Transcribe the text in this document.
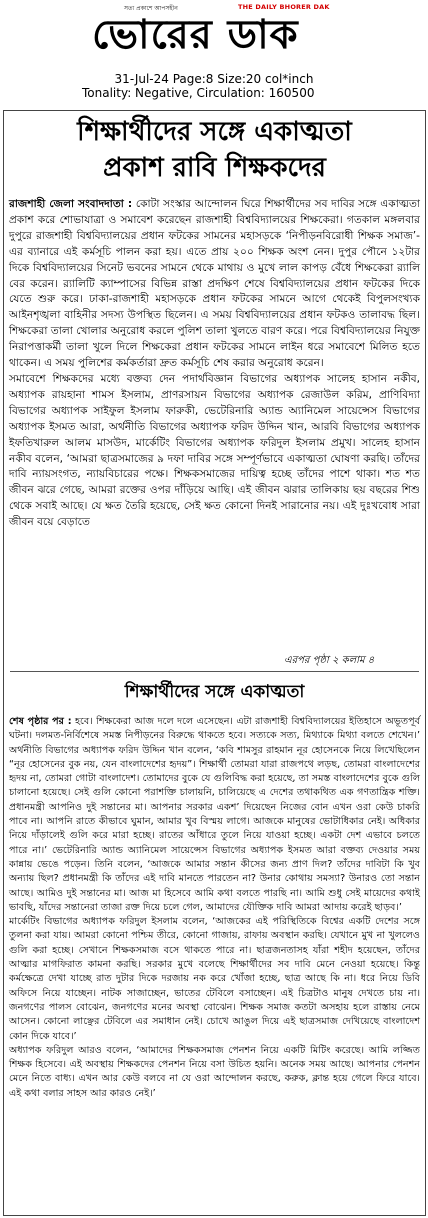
সত্য প্রকাশে আপসহীন	THE DAILY BHORER DAK
ভোরের ডাক
31-Jul-24 Page:8 Size:20 col*inch
Tonality: Negative, Circulation: 160500
শিক্ষার্থীদের সঙ্গে একাত্মতা
প্রকাশ রাবি শিক্ষকদের
রাজশাহী জেলা সংবাদদাতা : কোটা সংস্কার আন্দোলন ঘিরে শিক্ষার্থীদের সব দাবির সঙ্গে একাত্মতা প্রকাশ করে শোভাযাত্রা ও সমাবেশ করেছেন রাজশাহী বিশ্ববিদ্যালয়ের শিক্ষকেরা। গতকাল মঙ্গলবার দুপুরে রাজশাহী বিশ্ববিদ্যালয়ের প্রধান ফটকের সামনের মহাসড়কে ‘নিপীড়নবিরোধী শিক্ষক সমাজ’-এর ব্যানারে এই কর্মসূচি পালন করা হয়। এতে প্রায় ২০০ শিক্ষক অংশ নেন। দুপুর পৌনে ১২টার দিকে বিশ্ববিদ্যালয়ের সিনেট ভবনের সামনে থেকে মাথায় ও মুখে লাল কাপড় বেঁধে শিক্ষকেরা র‍্যালি বের করেন। র‍্যালিটি ক্যাম্পাসের বিভিন্ন রাস্তা প্রদক্ষিণ শেষে বিশ্ববিদ্যালয়ের প্রধান ফটকের দিকে যেতে শুরু করে। ঢাকা-রাজশাহী মহাসড়কে প্রধান ফটকের সামনে আগে থেকেই বিপুলসংখ্যক আইনশৃঙ্খলা বাহিনীর সদস্য উপস্থিত ছিলেন। এ সময় বিশ্ববিদ্যালয়ের প্রধান ফটকও তালাবদ্ধ ছিল। শিক্ষকেরা তালা খোলার অনুরোধ করলে পুলিশ তালা খুলতে বারণ করে। পরে বিশ্ববিদ্যালয়ের নিযুক্ত নিরাপত্তাকর্মী তালা খুলে দিলে শিক্ষকেরা প্রধান ফটকের সামনে লাইন ধরে সমাবেশে মিলিত হতে থাকেন। এ সময় পুলিশের কর্মকর্তারা দ্রুত কর্মসূচি শেষ করার অনুরোধ করেন।
সমাবেশে শিক্ষকদের মধ্যে বক্তব্য দেন পদার্থবিজ্ঞান বিভাগের অধ্যাপক সালেহ হাসান নকীব, অধ্যাপক রায়হানা শামস ইসলাম, প্রাণরসায়ন বিভাগের অধ্যাপক রেজাউল করিম, প্রাণিবিদ্যা বিভাগের অধ্যাপক সাইফুল ইসলাম ফারুকী, ভেটেরিনারি অ্যান্ড অ্যানিমেল সায়েন্সেস বিভাগের অধ্যাপক ইসমত আরা, অর্থনীতি বিভাগের অধ্যাপক ফরিদ উদ্দিন খান, আরবি বিভাগের অধ্যাপক ইফতিখারুল আলম মাসউদ, মার্কেটিং বিভাগের অধ্যাপক ফরিদুল ইসলাম প্রমুখ। সালেহ হাসান নকীব বলেন, ‘আমরা ছাত্রসমাজের ৯ দফা দাবির সঙ্গে সম্পূর্ণভাবে একাত্মতা ঘোষণা করছি। তাঁদের দাবি ন্যায়সংগত, ন্যায়বিচারের পক্ষে। শিক্ষকসমাজের দায়িত্ব হচ্ছে তাঁদের পাশে থাকা। শত শত জীবন ঝরে গেছে, আমরা রক্তের ওপর দাঁড়িয়ে আছি। এই জীবন ঝরার তালিকায় ছয় বছরের শিশু থেকে সবাই আছে। যে ক্ষত তৈরি হয়েছে, সেই ক্ষত কোনো দিনই সারানোর নয়। এই দুঃখবোধ সারা জীবন বয়ে বেড়াতে
এরপর পৃষ্ঠা ২ কলাম ৪
শিক্ষার্থীদের সঙ্গে একাত্মতা
শেষ পৃষ্ঠার পর : হবে। শিক্ষকেরা আজ দলে দলে এসেছেন। এটা রাজশাহী বিশ্ববিদ্যালয়ের ইতিহাসে অভূতপূর্ব ঘটনা। দলমত-নির্বিশেষে সমস্ত নিপীড়নের বিরুদ্ধে থাকতে হবে। সত্যকে সত্য, মিথ্যাকে মিথ্যা বলতে শেখেন।’ অর্থনীতি বিভাগের অধ্যাপক ফরিদ উদ্দিন খান বলেন, ‘কবি শামসুর রাহমান নূর হোসেনকে নিয়ে লিখেছিলেন “নূর হোসেনের বুক নয়, যেন বাংলাদেশের হৃদয়”। শিক্ষার্থী তোমরা যারা রাজপথে লড়ছ, তোমরা বাংলাদেশের হৃদয় না, তোমরা গোটা বাংলাদেশ। তোমাদের বুকে যে গুলিবিদ্ধ করা হয়েছে, তা সমস্ত বাংলাদেশের বুকে গুলি চালানো হয়েছে। সেই গুলি কোনো পরাশক্তি চালায়নি, চালিয়েছে এ দেশের তথাকথিত এক গণতান্ত্রিক শক্তি। প্রধানমন্ত্রী আপনিও দুই সন্তানের মা। আপনার সরকার একশ’ দিয়েছেন নিজের বোন এখন ওরা কেউ চাকরি পাবে না। আপনি রাতে কীভাবে ঘুমান, আমার খুব বিস্ময় লাগে। আজকে মানুষের ভোটাধিকার নেই। অধিকার নিয়ে দাঁড়ালেই গুলি করে মারা হচ্ছে। রাতের আঁধারে তুলে নিয়ে যাওয়া হচ্ছে। একটা দেশ এভাবে চলতে পারে না।’ ভেটেরিনারি অ্যান্ড অ্যানিমেল সায়েন্সেস বিভাগের অধ্যাপক ইসমত আরা বক্তব্য দেওয়ার সময় কান্নায় ভেঙে পড়েন। তিনি বলেন, ‘আজকে আমার সন্তান কীসের জন্য প্রাণ দিল? তাঁদের দাবিটা কি খুব অন্যায় ছিল? প্রধানমন্ত্রী কি তাঁদের এই দাবি মানতে পারতেন না? উনার কোথায় সমস্যা? উনারও তো সন্তান আছে। আমিও দুই সন্তানের মা। আজ মা হিসেবে আমি কথা বলতে পারছি না। আমি শুধু সেই মায়েদের কথাই ভাবছি, যাঁদের সন্তানেরা তাজা রক্ত দিয়ে চলে গেল, আমাদের যৌক্তিক দাবি আমরা আদায় করেই ছাড়ব।’
মার্কেটিং বিভাগের অধ্যাপক ফরিদুল ইসলাম বলেন, ‘আজকের এই পরিস্থিতিকে বিশ্বের একটি দেশের সঙ্গে তুলনা করা যায়। আমরা কোনো পশ্চিম তীরে, কোনো গাজায়, রাফায় অবস্থান করছি। যেখানে মুখ না খুললেও গুলি করা হচ্ছে। সেখানে শিক্ষকসমাজ বসে থাকতে পারে না। ছাত্রজনতাসহ যাঁরা শহীদ হয়েছেন, তাঁদের আত্মার মাগফিরাত কামনা করছি। সরকার মুখে বলেছে শিক্ষার্থীদের সব দাবি মেনে নেওয়া হয়েছে। কিন্তু কর্মক্ষেত্রে দেখা যাচ্ছে রাত দুটার দিকে দরজায় নক করে খোঁজা হচ্ছে, ছাত্র আছে কি না। ধরে নিয়ে ডিবি অফিসে নিয়ে যাচ্ছেন। নাটক সাজাচ্ছেন, ভাতের টেবিলে বসাচ্ছেন। এই চিত্রটাও মানুষ দেখতে চায় না। জনগণের পালস বোঝেন, জনগণের মনের অবস্থা বোঝেন। শিক্ষক সমাজ কতটা অসহায় হলে রাস্তায় নেমে আসেন। কোনো লাঞ্ছের টেবিলে এর সমাধান নেই। চোখে আঙুল দিয়ে এই ছাত্রসমাজ দেখিয়েছে বাংলাদেশ কোন দিকে যাবে।’
অধ্যাপক ফরিদুল আরও বলেন, ‘আমাদের শিক্ষকসমাজ পেনশন নিয়ে একটি মিটিং করেছে। আমি লজ্জিত শিক্ষক হিসেবে। এই অবস্থায় শিক্ষকদের পেনশন নিয়ে বসা উচিত হয়নি। অনেক সময় আছে। আপনার পেনশন মেনে নিতে বাধ্য। এখন আর কেউ বলবে না যে ওরা আন্দোলন করছে, করুক, ক্লান্ত হয়ে গেলে ফিরে যাবে। এই কথা বলার সাহস আর কারও নেই।’
